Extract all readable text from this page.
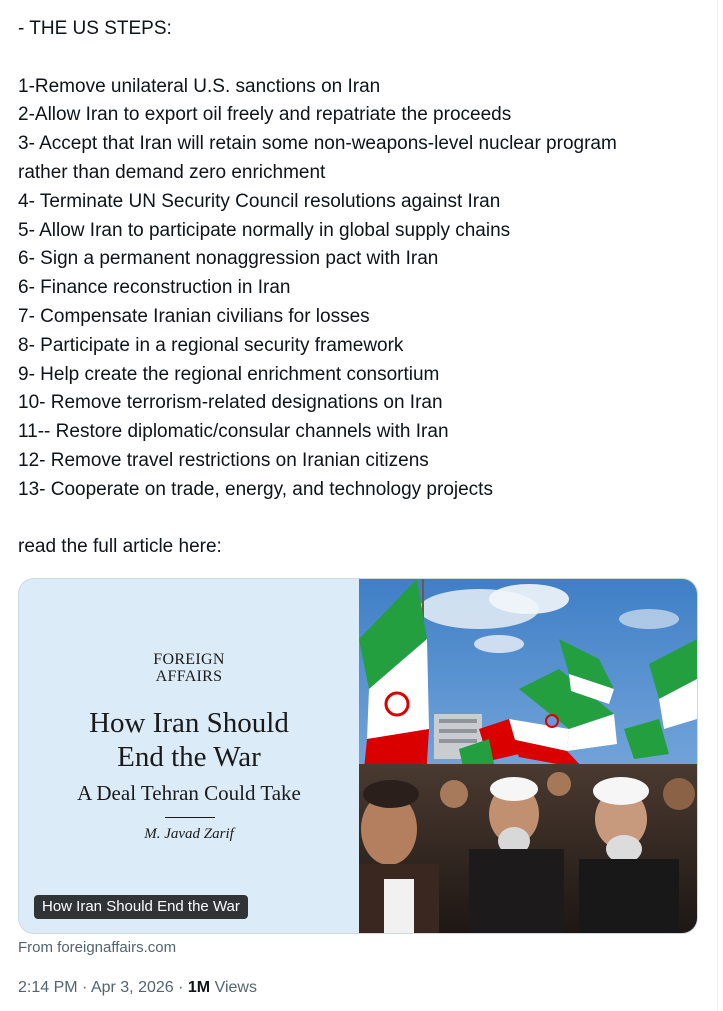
- THE US STEPS:
1-Remove unilateral U.S. sanctions on Iran
2-Allow Iran to export oil freely and repatriate the proceeds
3- Accept that Iran will retain some non-weapons-level nuclear program
rather than demand zero enrichment
4- Terminate UN Security Council resolutions against Iran
5- Allow Iran to participate normally in global supply chains
6- Sign a permanent nonaggression pact with Iran
6- Finance reconstruction in Iran
7- Compensate Iranian civilians for losses
8- Participate in a regional security framework
9- Help create the regional enrichment consortium
10- Remove terrorism-related designations on Iran
11-- Restore diplomatic/consular channels with Iran
12- Remove travel restrictions on Iranian citizens
13- Cooperate on trade, energy, and technology projects
read the full article here:
FOREIGN
AFFAIRS
How Iran Should
End the War
A Deal Tehran Could Take
M. Javad Zarif
How Iran Should End the War
From foreignaffairs.com
2:14 PM · Apr 3, 2026 · 1M Views
